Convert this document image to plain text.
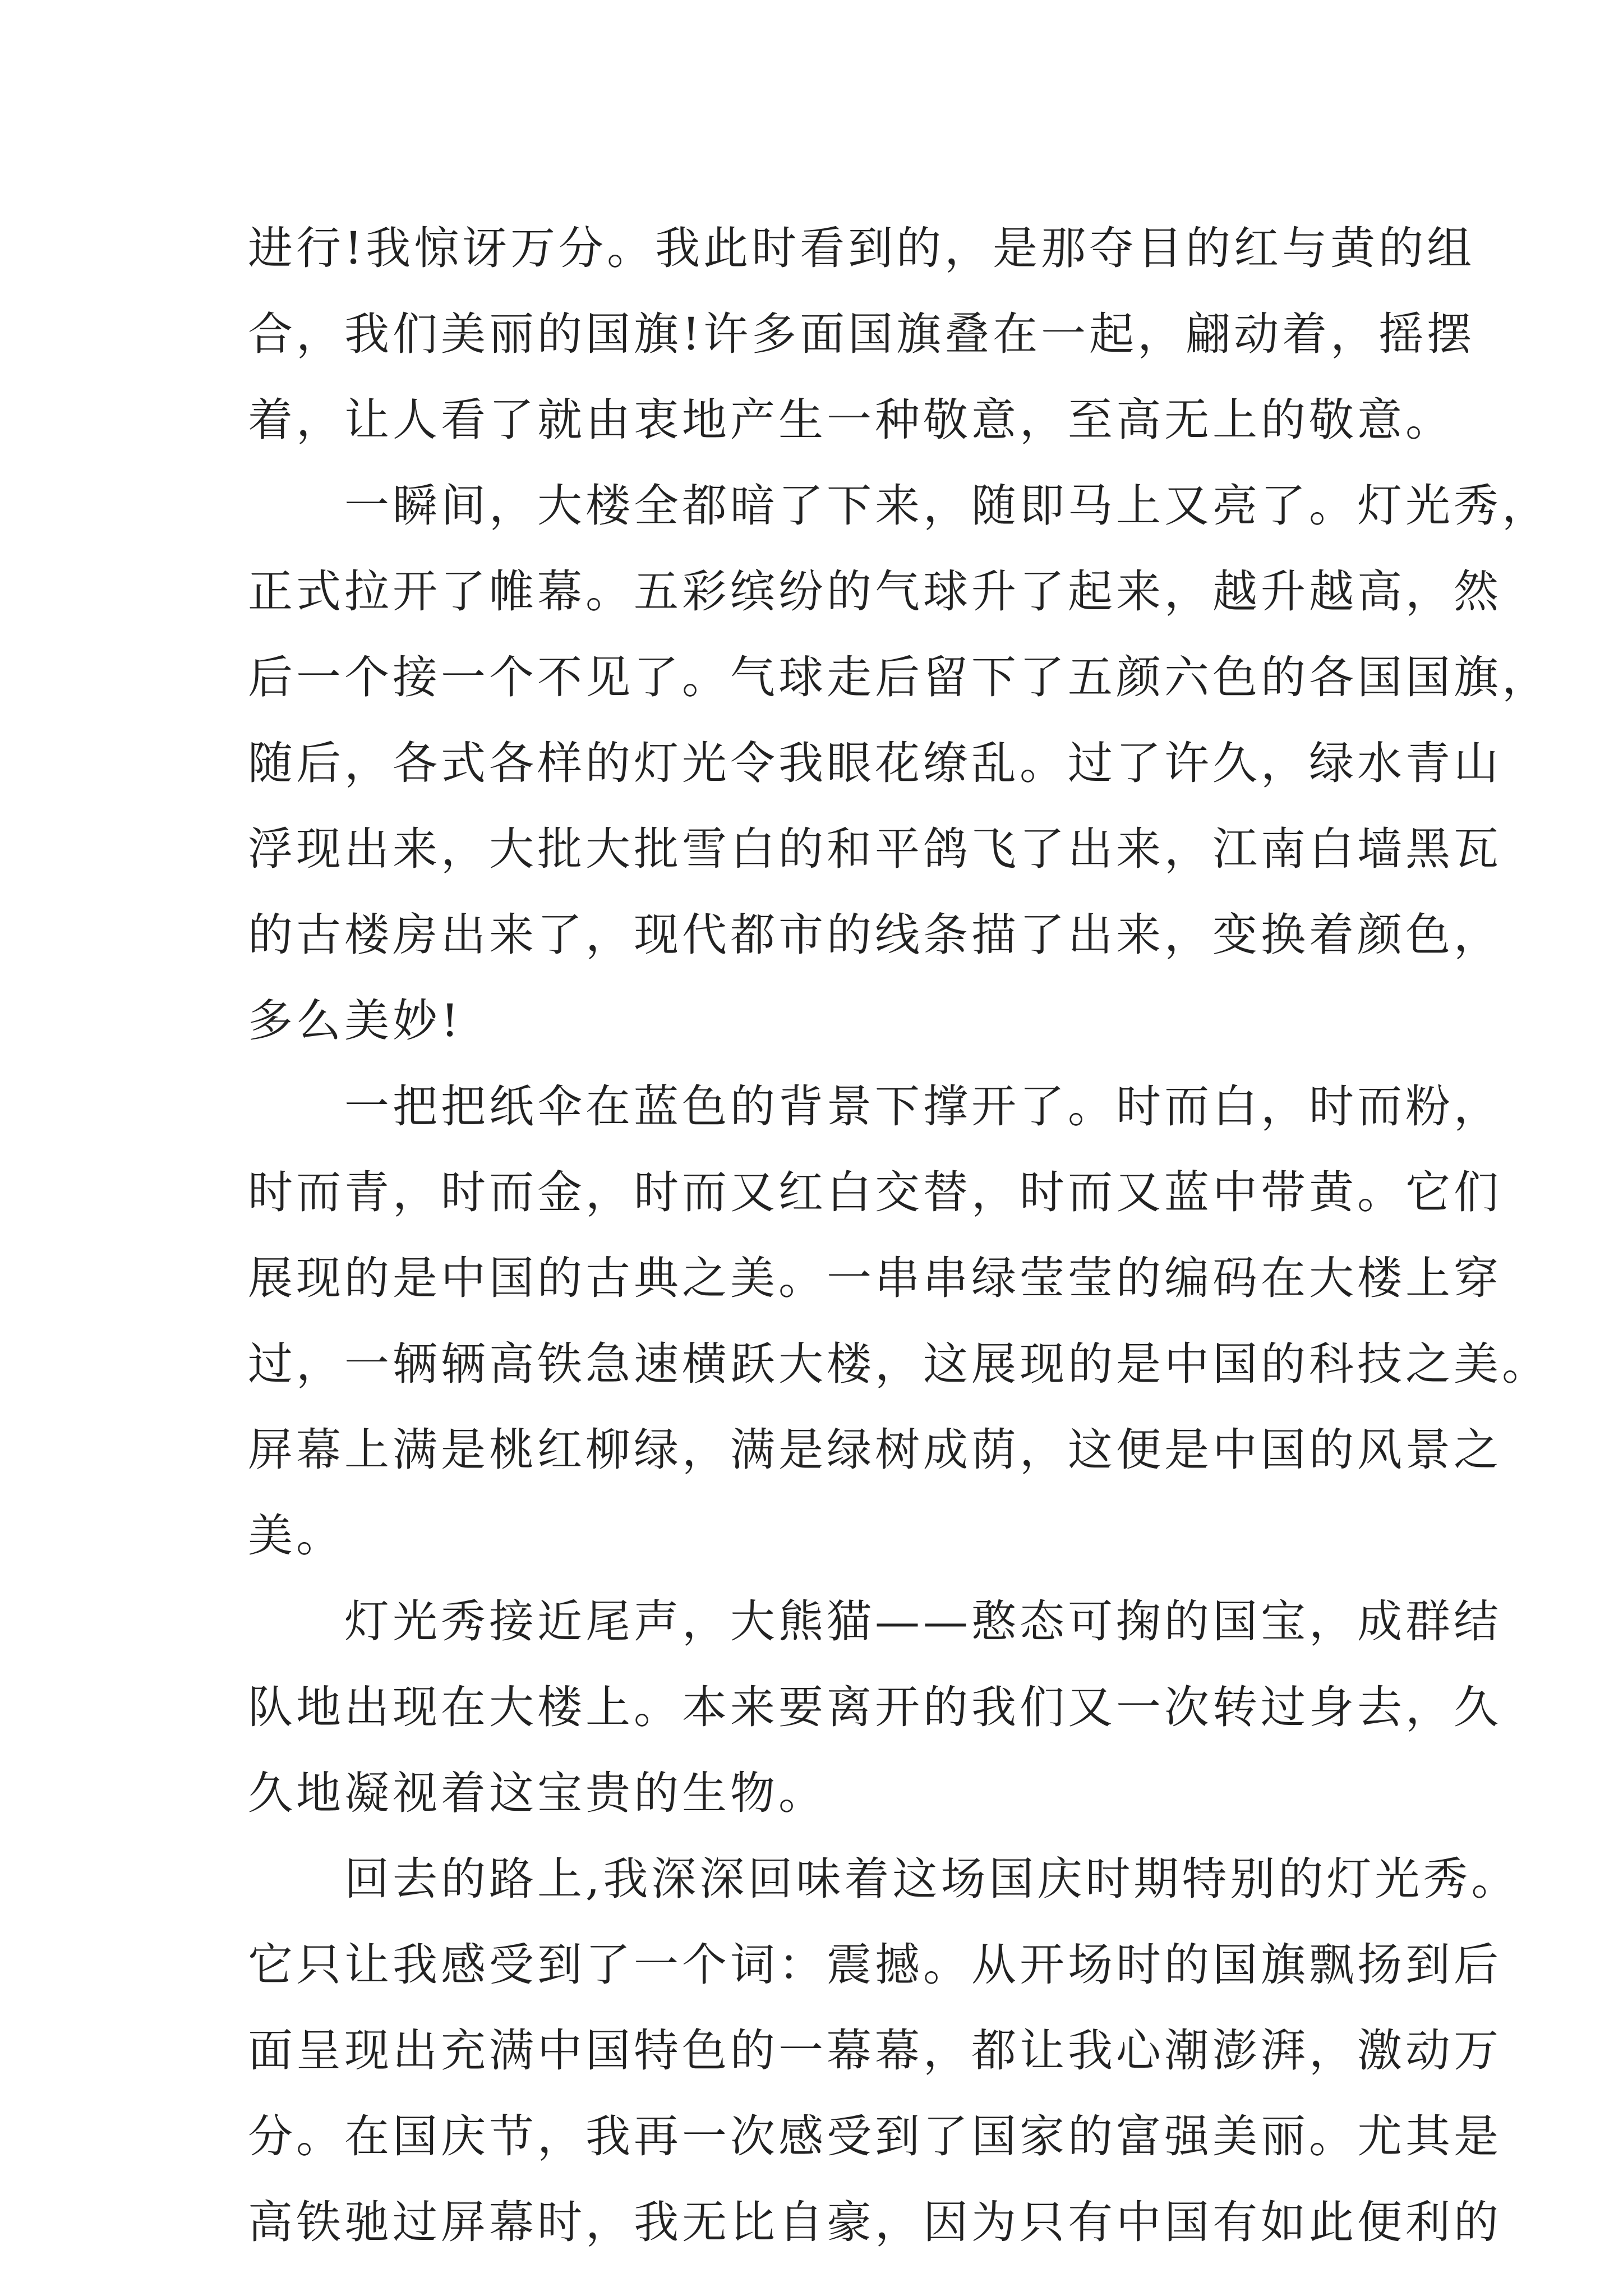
进行!我惊讶万分。我此时看到的，是那夺目的红与黄的组
合，我们美丽的国旗!许多面国旗叠在一起，翩动着，摇摆
着，让人看了就由衷地产生一种敬意，至高无上的敬意。
　　一瞬间，大楼全都暗了下来，随即马上又亮了。灯光秀，
正式拉开了帷幕。五彩缤纷的气球升了起来，越升越高，然
后一个接一个不见了。气球走后留下了五颜六色的各国国旗，
随后，各式各样的灯光令我眼花缭乱。过了许久，绿水青山
浮现出来，大批大批雪白的和平鸽飞了出来，江南白墙黑瓦
的古楼房出来了，现代都市的线条描了出来，变换着颜色，
多么美妙!
　　一把把纸伞在蓝色的背景下撑开了。时而白，时而粉，
时而青，时而金，时而又红白交替，时而又蓝中带黄。它们
展现的是中国的古典之美。一串串绿莹莹的编码在大楼上穿
过，一辆辆高铁急速横跃大楼，这展现的是中国的科技之美。
屏幕上满是桃红柳绿，满是绿树成荫，这便是中国的风景之
美。
　　灯光秀接近尾声，大熊猫——憨态可掬的国宝，成群结
队地出现在大楼上。本来要离开的我们又一次转过身去，久
久地凝视着这宝贵的生物。
　　回去的路上,我深深回味着这场国庆时期特别的灯光秀。
它只让我感受到了一个词：震撼。从开场时的国旗飘扬到后
面呈现出充满中国特色的一幕幕，都让我心潮澎湃，激动万
分。在国庆节，我再一次感受到了国家的富强美丽。尤其是
高铁驰过屏幕时，我无比自豪，因为只有中国有如此便利的
